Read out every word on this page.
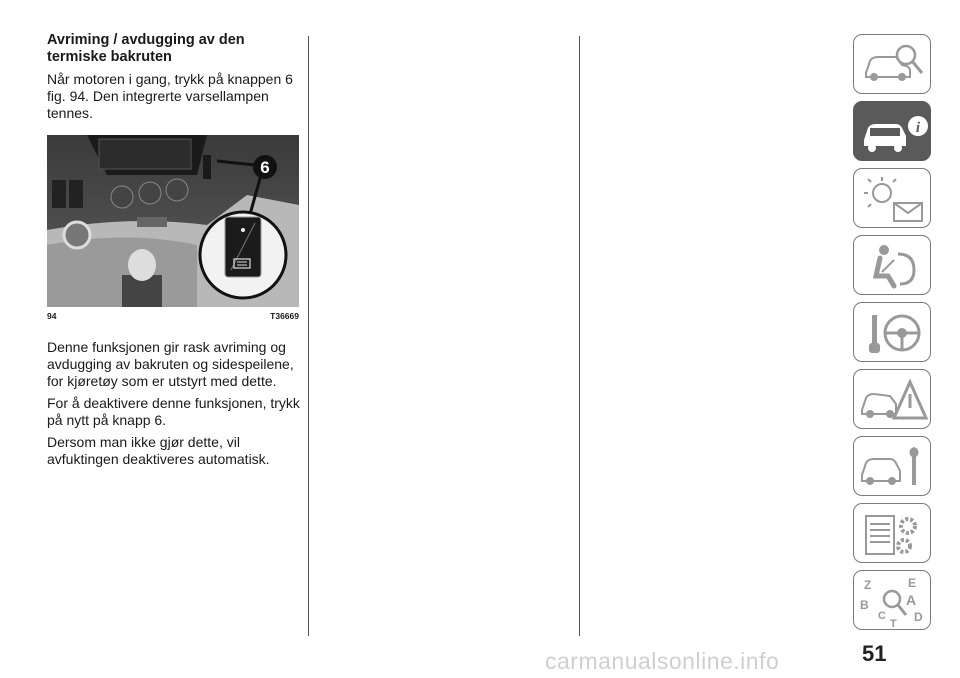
Avriming / avdugging av den termiske bakruten

Når motoren i gang, trykk på knappen 6 fig. 94. Den integrerte varsellampen tennes.

6
94	T36669

Denne funksjonen gir rask avriming og avdugging av bakruten og sidespeilene, for kjøretøy som er utstyrt med dette.

For å deaktivere denne funksjonen, trykk på nytt på knapp 6.

Dersom man ikke gjør dette, vil avfuktingen deaktiveres automatisk.

i
Z	E
B	A
D
C
T
51
carmanualsonline.info
